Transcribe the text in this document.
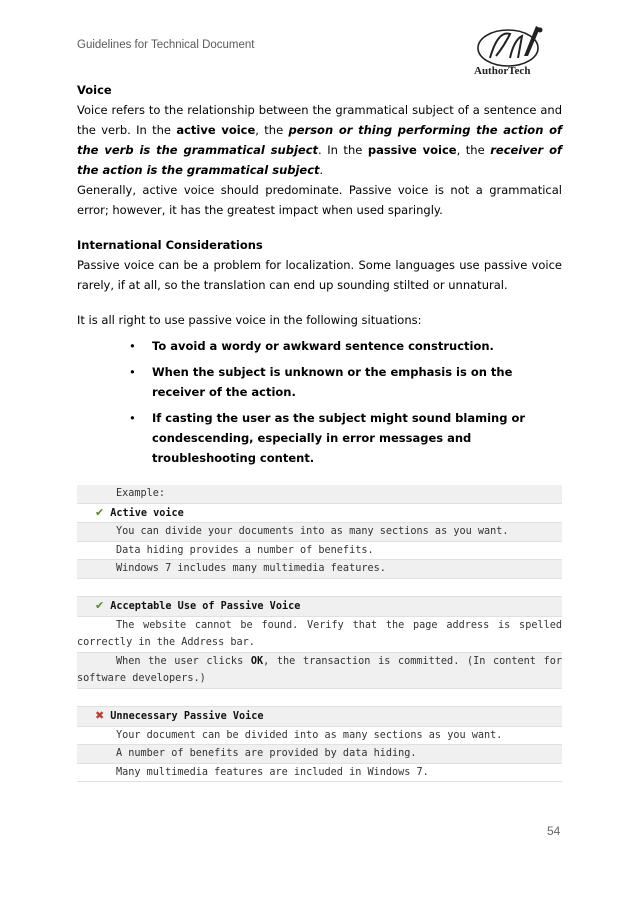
Guidelines for Technical Document
AuthorTech
Voice

Voice refers to the relationship between the grammatical subject of a sentence and the verb. In the active voice, the person or thing performing the action of the verb is the grammatical subject. In the passive voice, the receiver of the action is the grammatical subject.

Generally, active voice should predominate. Passive voice is not a grammatical error; however, it has the greatest impact when used sparingly.

International Considerations

Passive voice can be a problem for localization. Some languages use passive voice rarely, if at all, so the translation can end up sounding stilted or unnatural.

It is all right to use passive voice in the following situations:

• To avoid a wordy or awkward sentence construction.
• When the subject is unknown or the emphasis is on the receiver of the action.
• If casting the user as the subject might sound blaming or condescending, especially in error messages and troubleshooting content.
Example:
✔ Active voice
You can divide your documents into as many sections as you want.
Data hiding provides a number of benefits.
Windows 7 includes many multimedia features.
✔ Acceptable Use of Passive Voice
The website cannot be found. Verify that the page address is spelled correctly in the Address bar.
When the user clicks OK, the transaction is committed. (In content for software developers.)
✖ Unnecessary Passive Voice
Your document can be divided into as many sections as you want.
A number of benefits are provided by data hiding.
Many multimedia features are included in Windows 7.
54
